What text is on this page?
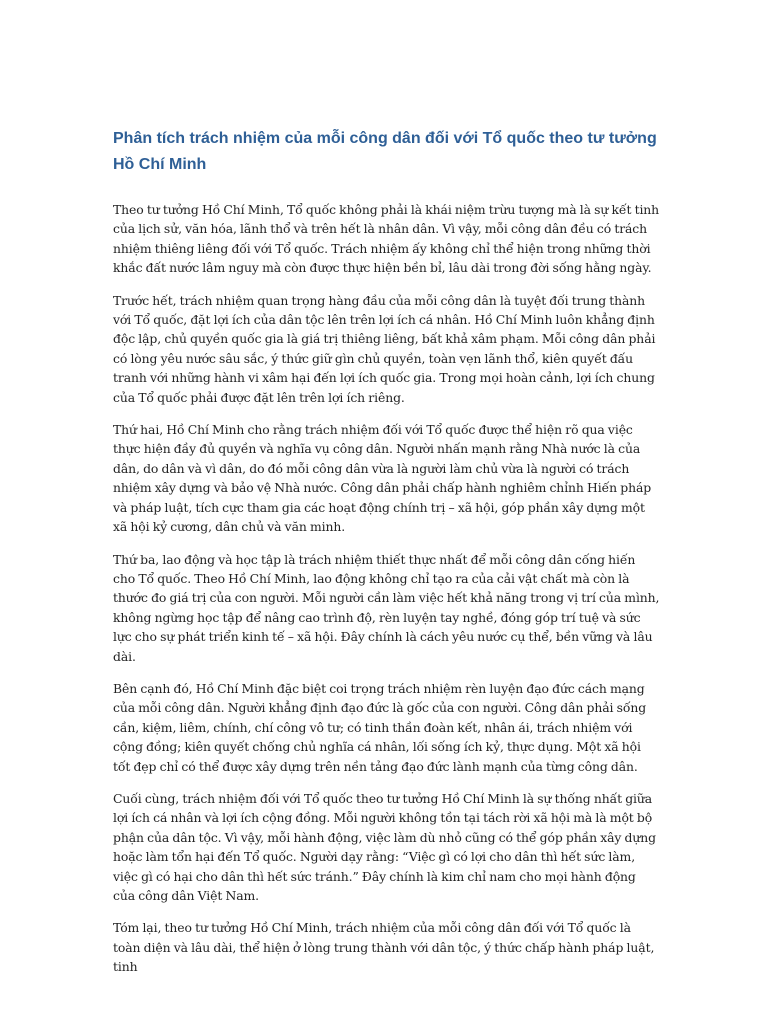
Phân tích trách nhiệm của mỗi công dân đối với Tổ quốc theo tư tưởng Hồ Chí Minh

Theo tư tưởng Hồ Chí Minh, Tổ quốc không phải là khái niệm trừu tượng mà là sự kết tinh của lịch sử, văn hóa, lãnh thổ và trên hết là nhân dân. Vì vậy, mỗi công dân đều có trách nhiệm thiêng liêng đối với Tổ quốc. Trách nhiệm ấy không chỉ thể hiện trong những thời khắc đất nước lâm nguy mà còn được thực hiện bền bỉ, lâu dài trong đời sống hằng ngày.

Trước hết, trách nhiệm quan trọng hàng đầu của mỗi công dân là tuyệt đối trung thành với Tổ quốc, đặt lợi ích của dân tộc lên trên lợi ích cá nhân. Hồ Chí Minh luôn khẳng định độc lập, chủ quyền quốc gia là giá trị thiêng liêng, bất khả xâm phạm. Mỗi công dân phải có lòng yêu nước sâu sắc, ý thức giữ gìn chủ quyền, toàn vẹn lãnh thổ, kiên quyết đấu tranh với những hành vi xâm hại đến lợi ích quốc gia. Trong mọi hoàn cảnh, lợi ích chung của Tổ quốc phải được đặt lên trên lợi ích riêng.

Thứ hai, Hồ Chí Minh cho rằng trách nhiệm đối với Tổ quốc được thể hiện rõ qua việc thực hiện đầy đủ quyền và nghĩa vụ công dân. Người nhấn mạnh rằng Nhà nước là của dân, do dân và vì dân, do đó mỗi công dân vừa là người làm chủ vừa là người có trách nhiệm xây dựng và bảo vệ Nhà nước. Công dân phải chấp hành nghiêm chỉnh Hiến pháp và pháp luật, tích cực tham gia các hoạt động chính trị – xã hội, góp phần xây dựng một xã hội kỷ cương, dân chủ và văn minh.

Thứ ba, lao động và học tập là trách nhiệm thiết thực nhất để mỗi công dân cống hiến cho Tổ quốc. Theo Hồ Chí Minh, lao động không chỉ tạo ra của cải vật chất mà còn là thước đo giá trị của con người. Mỗi người cần làm việc hết khả năng trong vị trí của mình, không ngừng học tập để nâng cao trình độ, rèn luyện tay nghề, đóng góp trí tuệ và sức lực cho sự phát triển kinh tế – xã hội. Đây chính là cách yêu nước cụ thể, bền vững và lâu dài.

Bên cạnh đó, Hồ Chí Minh đặc biệt coi trọng trách nhiệm rèn luyện đạo đức cách mạng của mỗi công dân. Người khẳng định đạo đức là gốc của con người. Công dân phải sống cần, kiệm, liêm, chính, chí công vô tư; có tinh thần đoàn kết, nhân ái, trách nhiệm với cộng đồng; kiên quyết chống chủ nghĩa cá nhân, lối sống ích kỷ, thực dụng. Một xã hội tốt đẹp chỉ có thể được xây dựng trên nền tảng đạo đức lành mạnh của từng công dân.

Cuối cùng, trách nhiệm đối với Tổ quốc theo tư tưởng Hồ Chí Minh là sự thống nhất giữa lợi ích cá nhân và lợi ích cộng đồng. Mỗi người không tồn tại tách rời xã hội mà là một bộ phận của dân tộc. Vì vậy, mỗi hành động, việc làm dù nhỏ cũng có thể góp phần xây dựng hoặc làm tổn hại đến Tổ quốc. Người dạy rằng: “Việc gì có lợi cho dân thì hết sức làm, việc gì có hại cho dân thì hết sức tránh.” Đây chính là kim chỉ nam cho mọi hành động của công dân Việt Nam.

Tóm lại, theo tư tưởng Hồ Chí Minh, trách nhiệm của mỗi công dân đối với Tổ quốc là toàn diện và lâu dài, thể hiện ở lòng trung thành với dân tộc, ý thức chấp hành pháp luật, tinh
